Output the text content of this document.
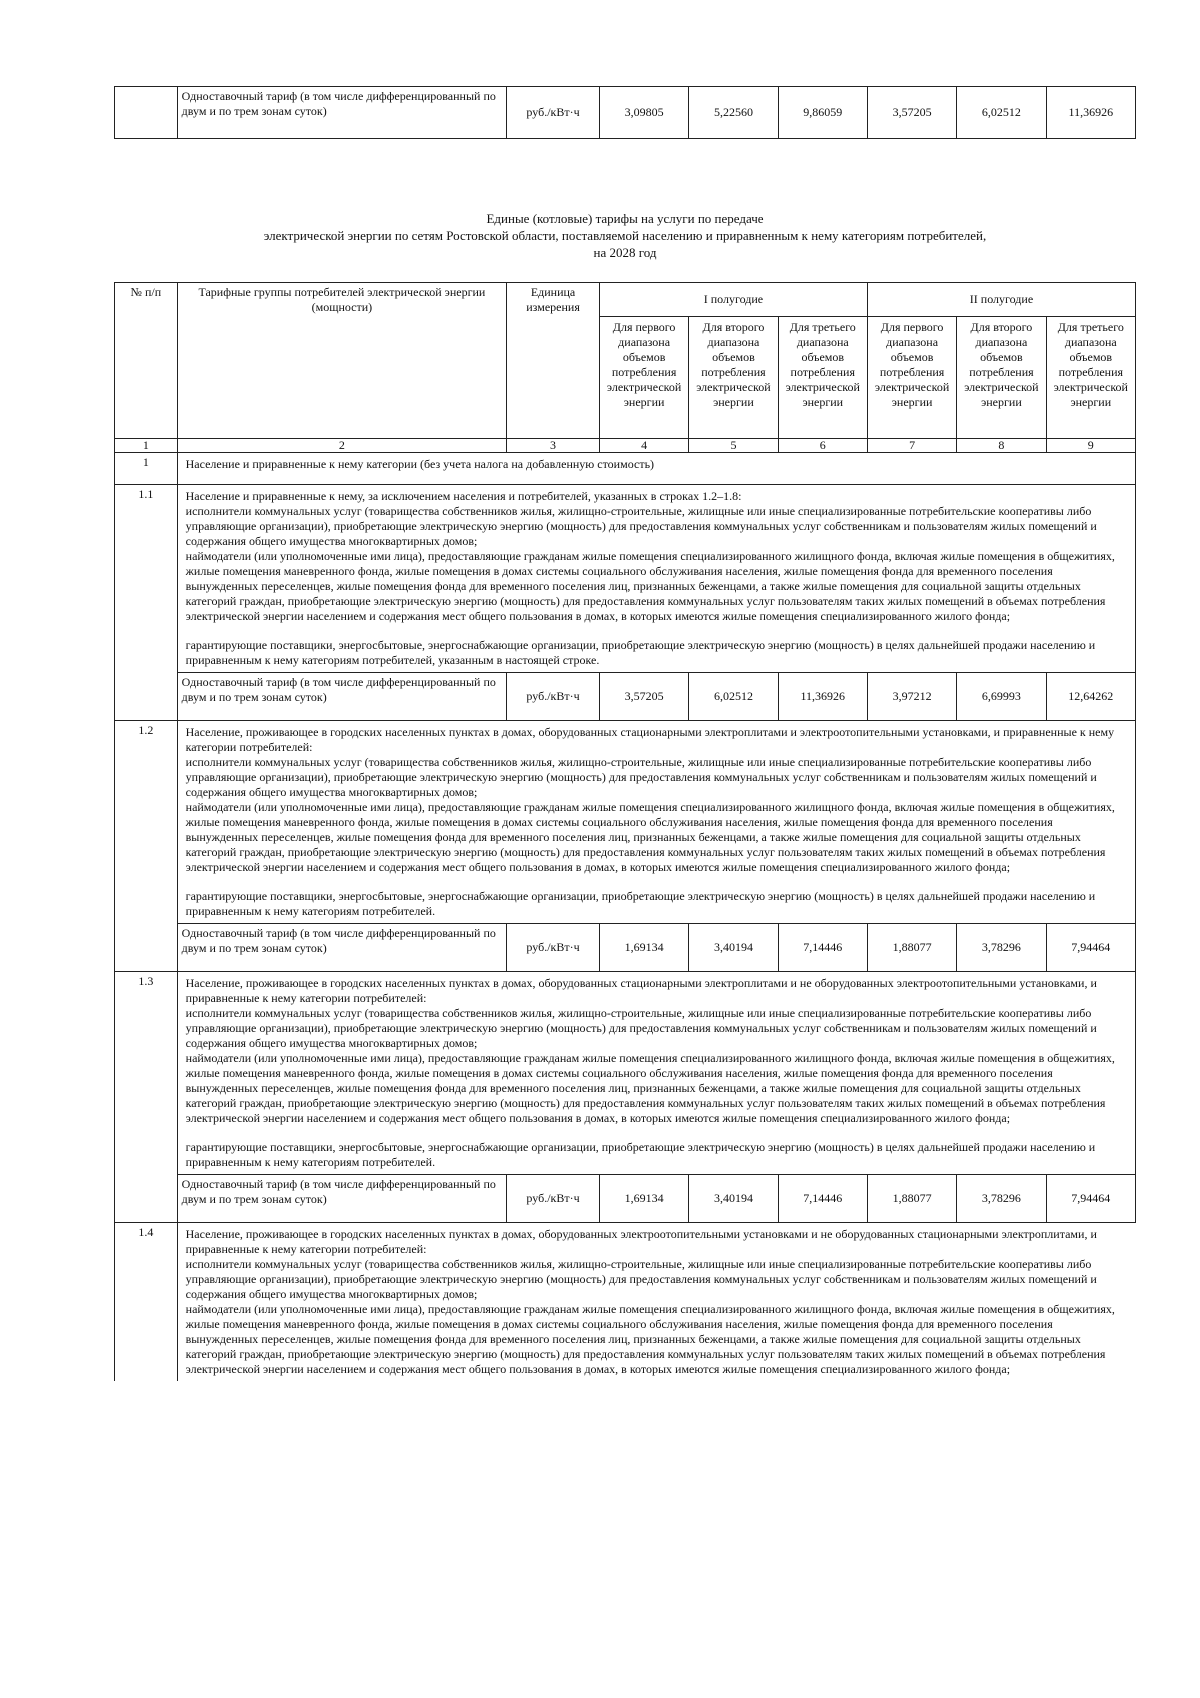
	Одноставочный тариф (в том числе дифференцированный по двум и по трем зонам суток)	руб./кВт·ч	3,09805	5,22560	9,86059	3,57205	6,02512	11,36926
Единые (котловые) тарифы на услуги по передаче
электрической энергии по сетям Ростовской области, поставляемой населению и приравненным к нему категориям потребителей,
на 2028 год
№ п/п	Тарифные группы потребителей электрической энергии (мощности)	Единица измерения	I полугодие			II полугодие		
			Для первого диапазона объемов потребления электрической энергии	Для второго диапазона объемов потребления электрической энергии	Для третьего диапазона объемов потребления электрической энергии	Для первого диапазона объемов потребления электрической энергии	Для второго диапазона объемов потребления электрической энергии	Для третьего диапазона объемов потребления электрической энергии
1	2	3	4	5	6	7	8	9
1	Население и приравненные к нему категории (без учета налога на добавленную стоимость)							
1.1	Население и приравненные к нему, за исключением населения и потребителей, указанных в строках 1.2–1.8:
исполнители коммунальных услуг (товарищества собственников жилья, жилищно-строительные, жилищные или иные специализированные потребительские кооперативы либо управляющие организации), приобретающие электрическую энергию (мощность) для предоставления коммунальных услуг собственникам и пользователям жилых помещений и содержания общего имущества многоквартирных домов;
наймодатели (или уполномоченные ими лица), предоставляющие гражданам жилые помещения специализированного жилищного фонда, включая жилые помещения в общежитиях, жилые помещения маневренного фонда, жилые помещения в домах системы социального обслуживания населения, жилые помещения фонда для временного поселения вынужденных переселенцев, жилые помещения фонда для временного поселения лиц, признанных беженцами, а также жилые помещения для социальной защиты отдельных категорий граждан, приобретающие электрическую энергию (мощность) для предоставления коммунальных услуг пользователям таких жилых помещений в объемах потребления электрической энергии населением и содержания мест общего пользования в домах, в которых имеются жилые помещения специализированного жилого фонда;
гарантирующие поставщики, энергосбытовые, энергоснабжающие организации, приобретающие электрическую энергию (мощность) в целях дальнейшей продажи населению и приравненным к нему категориям потребителей, указанным в настоящей строке.							

	Одноставочный тариф (в том числе дифференцированный по двум и по трем зонам суток)	руб./кВт·ч	3,57205	6,02512	11,36926	3,97212	6,69993	12,64262
1.2	Население, проживающее в городских населенных пунктах в домах, оборудованных стационарными электроплитами и электроотопительными установками, и приравненные к нему категории потребителей:
исполнители коммунальных услуг (товарищества собственников жилья, жилищно-строительные, жилищные или иные специализированные потребительские кооперативы либо управляющие организации), приобретающие электрическую энергию (мощность) для предоставления коммунальных услуг собственникам и пользователям жилых помещений и содержания общего имущества многоквартирных домов;
наймодатели (или уполномоченные ими лица), предоставляющие гражданам жилые помещения специализированного жилищного фонда, включая жилые помещения в общежитиях, жилые помещения маневренного фонда, жилые помещения в домах системы социального обслуживания населения, жилые помещения фонда для временного поселения вынужденных переселенцев, жилые помещения фонда для временного поселения лиц, признанных беженцами, а также жилые помещения для социальной защиты отдельных категорий граждан, приобретающие электрическую энергию (мощность) для предоставления коммунальных услуг пользователям таких жилых помещений в объемах потребления электрической энергии населением и содержания мест общего пользования в домах, в которых имеются жилые помещения специализированного жилого фонда;
гарантирующие поставщики, энергосбытовые, энергоснабжающие организации, приобретающие электрическую энергию (мощность) в целях дальнейшей продажи населению и приравненным к нему категориям потребителей.							

	Одноставочный тариф (в том числе дифференцированный по двум и по трем зонам суток)	руб./кВт·ч	1,69134	3,40194	7,14446	1,88077	3,78296	7,94464
1.3	Население, проживающее в городских населенных пунктах в домах, оборудованных стационарными электроплитами и не оборудованных электроотопительными установками, и приравненные к нему категории потребителей:
исполнители коммунальных услуг (товарищества собственников жилья, жилищно-строительные, жилищные или иные специализированные потребительские кооперативы либо управляющие организации), приобретающие электрическую энергию (мощность) для предоставления коммунальных услуг собственникам и пользователям жилых помещений и содержания общего имущества многоквартирных домов;
наймодатели (или уполномоченные ими лица), предоставляющие гражданам жилые помещения специализированного жилищного фонда, включая жилые помещения в общежитиях, жилые помещения маневренного фонда, жилые помещения в домах системы социального обслуживания населения, жилые помещения фонда для временного поселения вынужденных переселенцев, жилые помещения фонда для временного поселения лиц, признанных беженцами, а также жилые помещения для социальной защиты отдельных категорий граждан, приобретающие электрическую энергию (мощность) для предоставления коммунальных услуг пользователям таких жилых помещений в объемах потребления электрической энергии населением и содержания мест общего пользования в домах, в которых имеются жилые помещения специализированного жилого фонда;
гарантирующие поставщики, энергосбытовые, энергоснабжающие организации, приобретающие электрическую энергию (мощность) в целях дальнейшей продажи населению и приравненным к нему категориям потребителей.							

	Одноставочный тариф (в том числе дифференцированный по двум и по трем зонам суток)	руб./кВт·ч	1,69134	3,40194	7,14446	1,88077	3,78296	7,94464
1.4	Население, проживающее в городских населенных пунктах в домах, оборудованных электроотопительными установками и не оборудованных стационарными электроплитами, и приравненные к нему категории потребителей:
исполнители коммунальных услуг (товарищества собственников жилья, жилищно-строительные, жилищные или иные специализированные потребительские кооперативы либо управляющие организации), приобретающие электрическую энергию (мощность) для предоставления коммунальных услуг собственникам и пользователям жилых помещений и содержания общего имущества многоквартирных домов;
наймодатели (или уполномоченные ими лица), предоставляющие гражданам жилые помещения специализированного жилищного фонда, включая жилые помещения в общежитиях, жилые помещения маневренного фонда, жилые помещения в домах системы социального обслуживания населения, жилые помещения фонда для временного поселения вынужденных переселенцев, жилые помещения фонда для временного поселения лиц, признанных беженцами, а также жилые помещения для социальной защиты отдельных категорий граждан, приобретающие электрическую энергию (мощность) для предоставления коммунальных услуг пользователям таких жилых помещений в объемах потребления электрической энергии населением и содержания мест общего пользования в домах, в которых имеются жилые помещения специализированного жилого фонда;							
